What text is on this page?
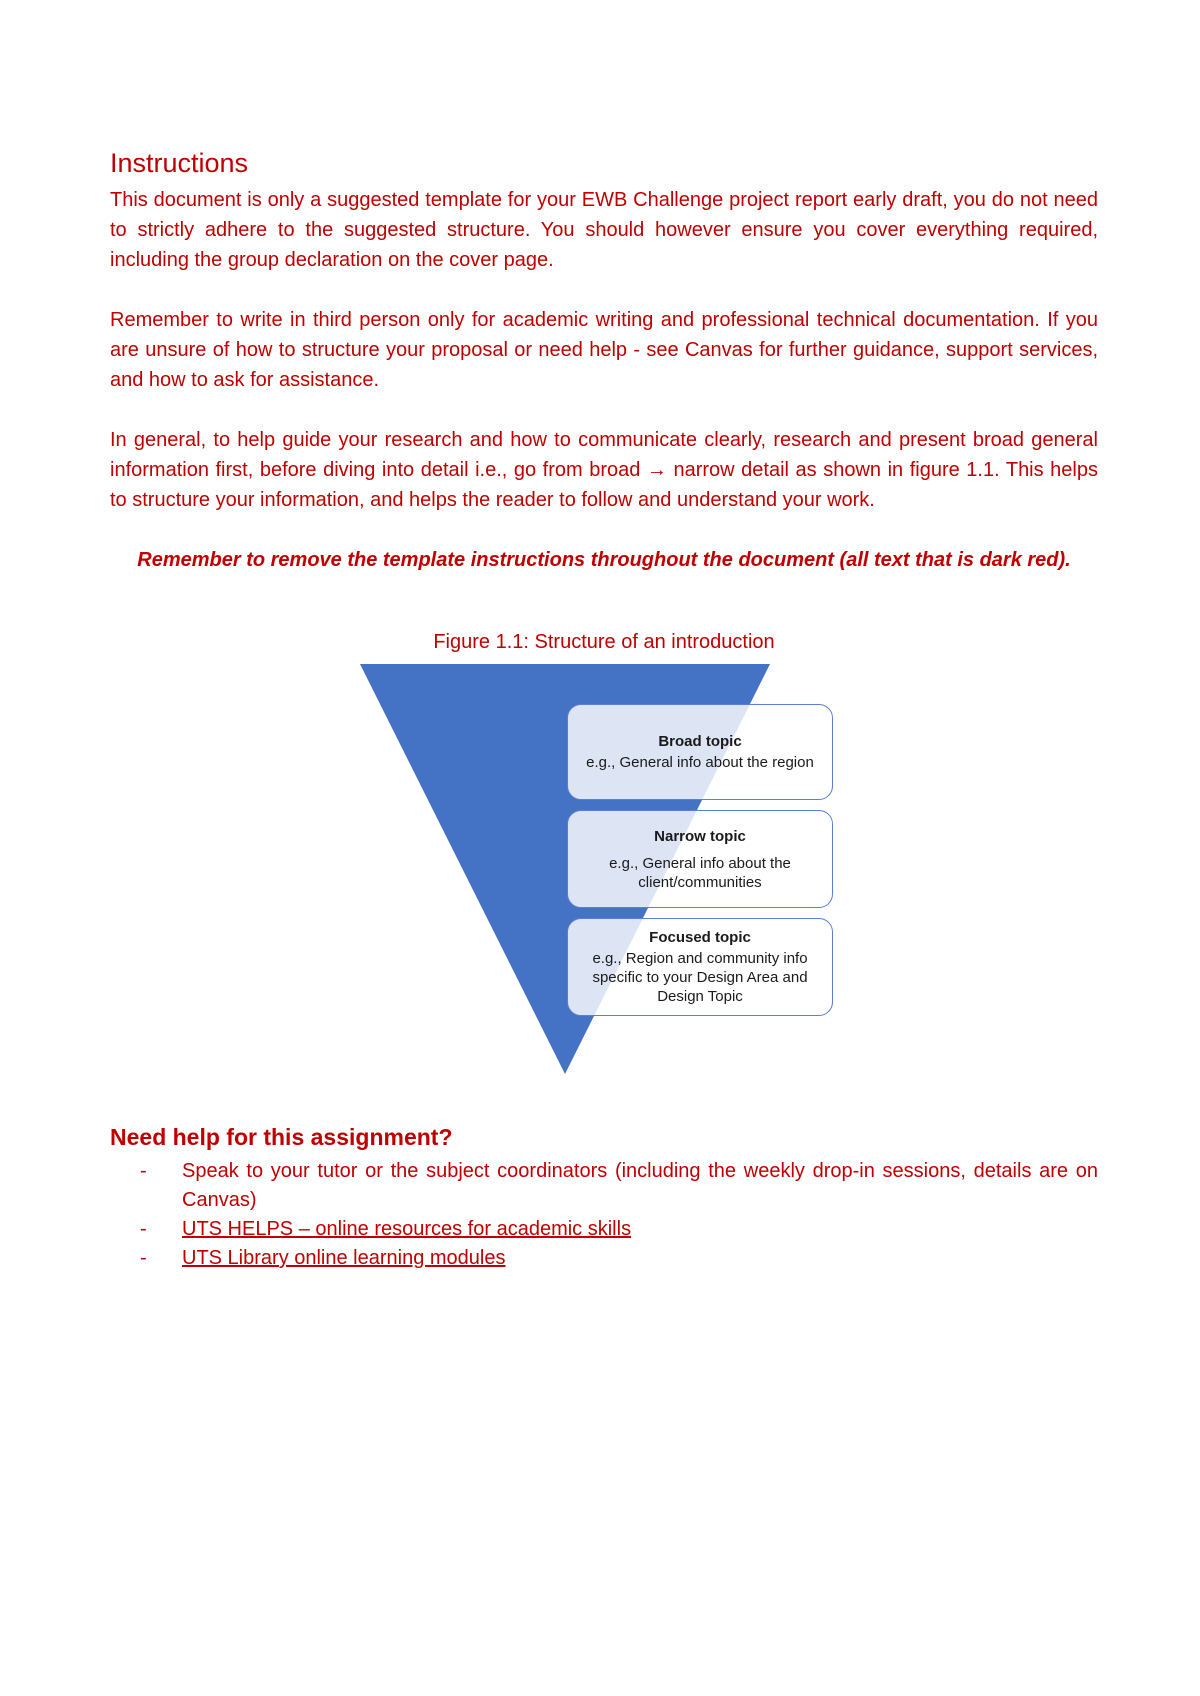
Instructions

This document is only a suggested template for your EWB Challenge project report early draft, you do not need to strictly adhere to the suggested structure. You should however ensure you cover everything required, including the group declaration on the cover page.

Remember to write in third person only for academic writing and professional technical documentation. If you are unsure of how to structure your proposal or need help - see Canvas for further guidance, support services, and how to ask for assistance.

In general, to help guide your research and how to communicate clearly, research and present broad general information first, before diving into detail i.e., go from broad → narrow detail as shown in figure 1.1. This helps to structure your information, and helps the reader to follow and understand your work.

Remember to remove the template instructions throughout the document (all text that is dark red).

Figure 1.1: Structure of an introduction
Broad topic
e.g., General info about the region
Narrow topic
e.g., General info about the client/communities
Focused topic
e.g., Region and community info specific to your Design Area and Design Topic
Need help for this assignment?
- Speak to your tutor or the subject coordinators (including the weekly drop-in sessions, details are on Canvas)
- UTS HELPS – online resources for academic skills
- UTS Library online learning modules
